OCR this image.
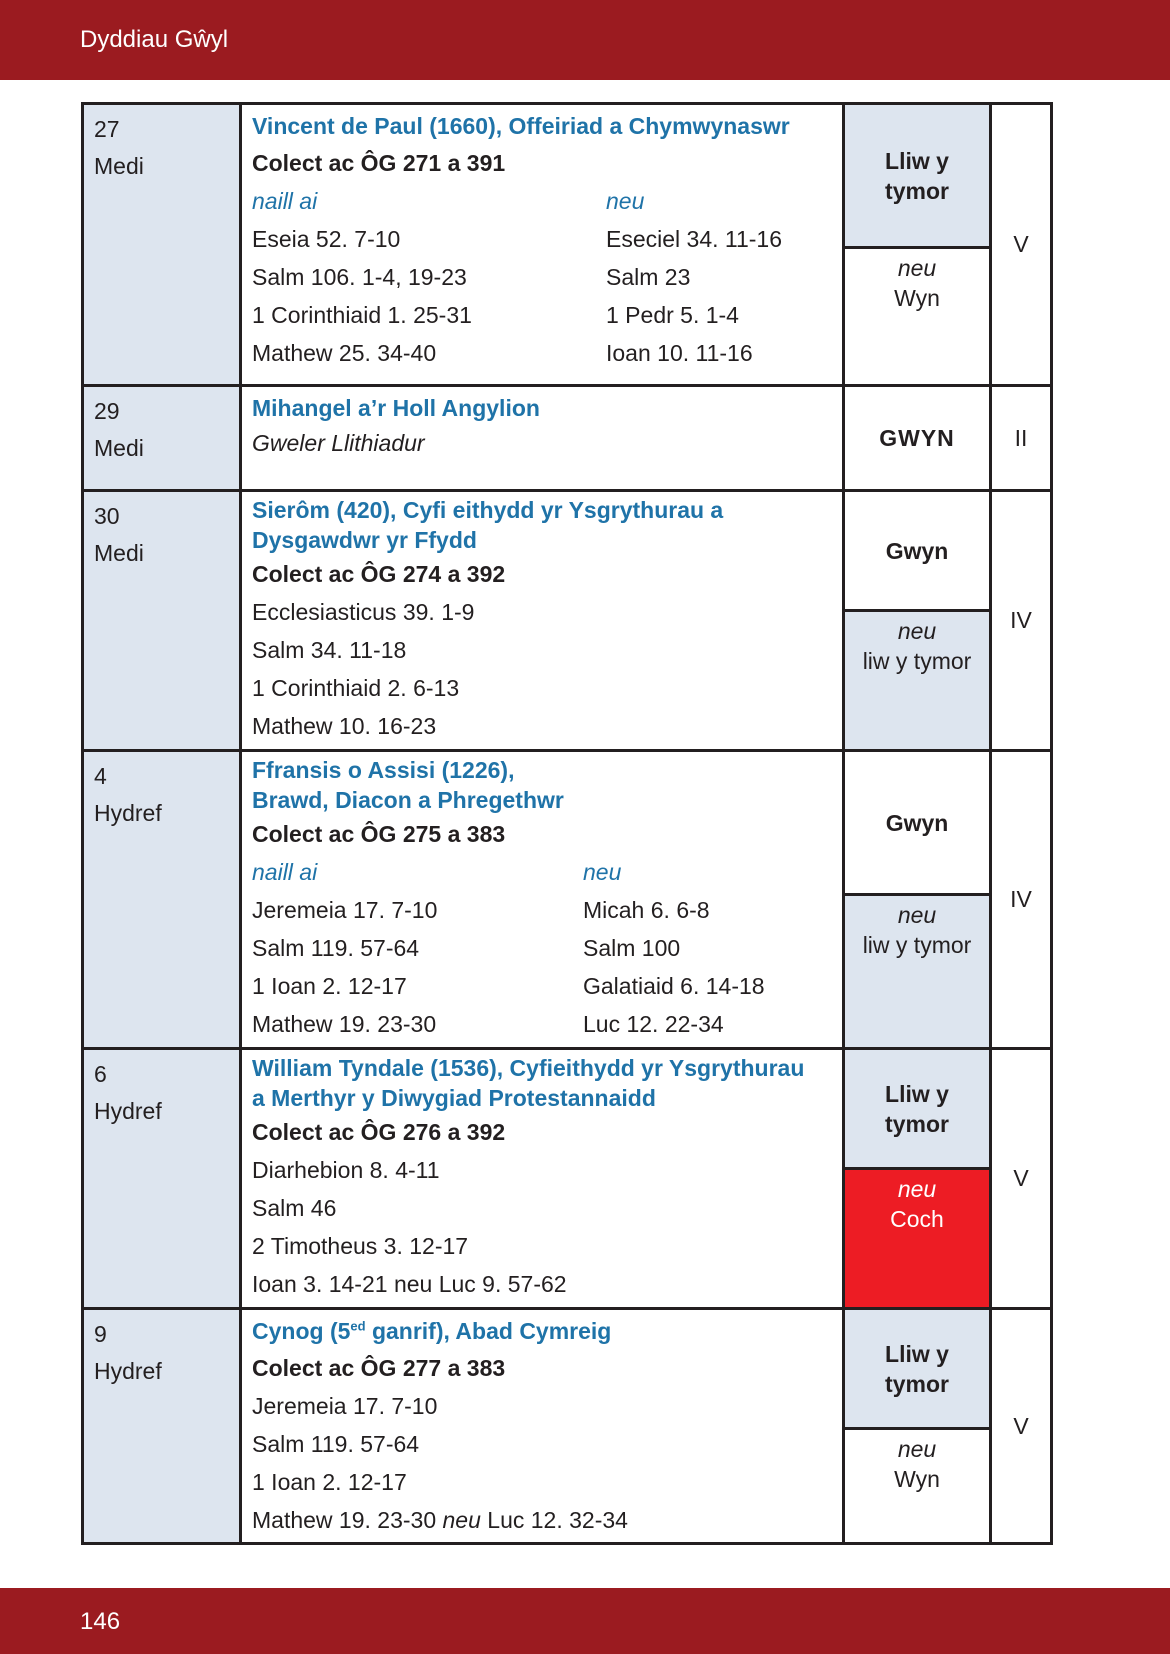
Dyddiau Gŵyl
27
Medi
Vincent de Paul (1660), Offeiriad a Chymwynaswr
Colect ac ÔG 271 a 391
naill ai
Eseia 52. 7-10
Salm 106. 1-4, 19-23
1 Corinthiaid 1. 25-31
Mathew 25. 34-40
neu
Eseciel 34. 11-16
Salm 23
1 Pedr 5. 1-4
Ioan 10. 11-16
Lliw y
tymor
neu
Wyn
V
29
Medi
Mihangel a’r Holl Angylion
Gweler Llithiadur	GWYN	II
30
Medi
Sierôm (420), Cyfi eithydd yr Ysgrythurau a
Dysgawdwr yr Ffydd
Colect ac ÔG 274 a 392
Ecclesiasticus 39. 1-9
Salm 34. 11-18
1 Corinthiaid 2. 6-13
Mathew 10. 16-23
Gwyn
neu
liw y tymor
IV
4
Hydref
Ffransis o Assisi (1226),
Brawd, Diacon a Phregethwr
Colect ac ÔG 275 a 383
naill ai
Jeremeia 17. 7-10
Salm 119. 57-64
1 Ioan 2. 12-17
Mathew 19. 23-30
neu
Micah 6. 6-8
Salm 100
Galatiaid 6. 14-18
Luc 12. 22-34
Gwyn
neu
liw y tymor
IV
6
Hydref
William Tyndale (1536), Cyfieithydd yr Ysgrythurau
a Merthyr y Diwygiad Protestannaidd
Colect ac ÔG 276 a 392
Diarhebion 8. 4-11
Salm 46
2 Timotheus 3. 12-17
Ioan 3. 14-21 neu Luc 9. 57-62
Lliw y
tymor
neu
Coch
V
9
Hydref
Cynog ($5^{ed}$ ganrif), Abad Cymreig
Colect ac ÔG 277 a 383
Jeremeia 17. 7-10
Salm 119. 57-64
1 Ioan 2. 12-17
Mathew 19. 23-30 neu Luc 12. 32-34
Lliw y
tymor
neu
Wyn
V
146
